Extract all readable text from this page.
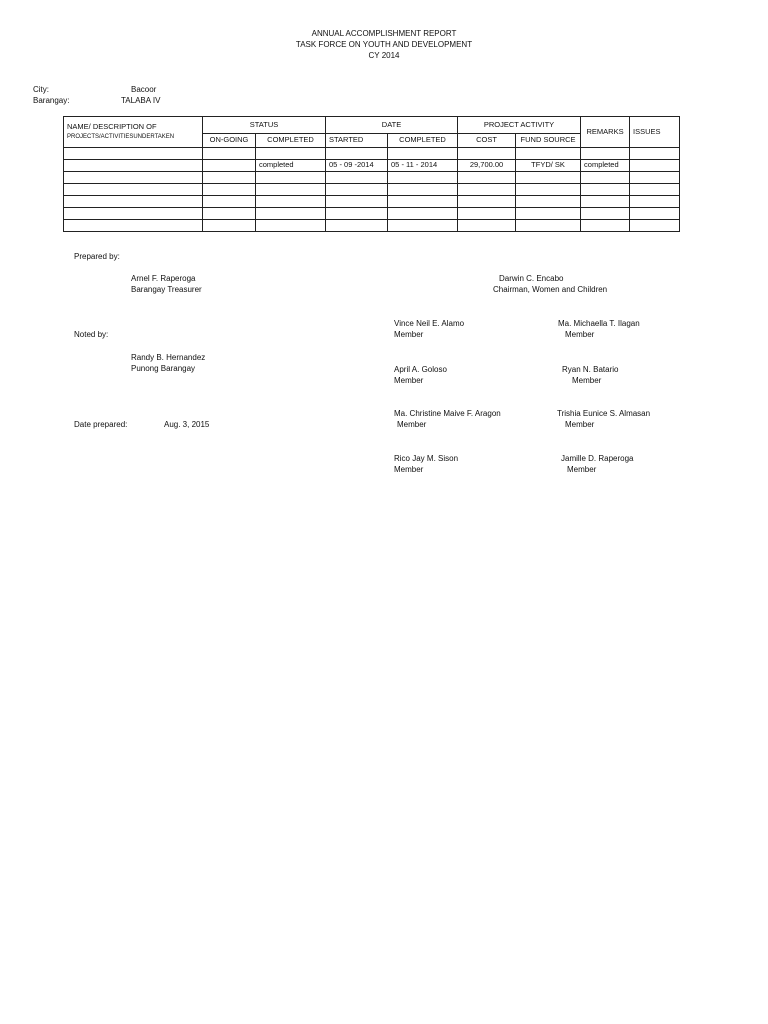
ANNUAL ACCOMPLISHMENT REPORT
TASK FORCE ON YOUTH AND DEVELOPMENT
CY 2014
City:	Bacoor
Barangay:	TALABA IV
NAME/ DESCRIPTION OF
PROJECTS/ACTIVITIESUNDERTAKEN	STATUS		DATE		PROJECT ACTIVITY		REMARKS	ISSUES
	ON-GOING	COMPLETED	STARTED	COMPLETED	COST	FUND SOURCE		

		completed	05 - 09 -2014	05 - 11 - 2014	29,700.00	TFYD/ SK	completed	

Prepared by:
Arnel F. Raperoga
Barangay Treasurer
Darwin C. Encabo
Chairman, Women and Children
Noted by:
Randy B. Hernandez
Punong Barangay
Date prepared:	Aug. 3, 2015
Vince Neil E. Alamo
Member
Ma. Michaella T. Ilagan
Member
April A. Goloso
Member
Ryan N. Batario
Member
Ma. Christine Maive F. Aragon
Member
Trishia Eunice S. Almasan
Member
Rico Jay M. Sison
Member
Jamille D. Raperoga
Member
